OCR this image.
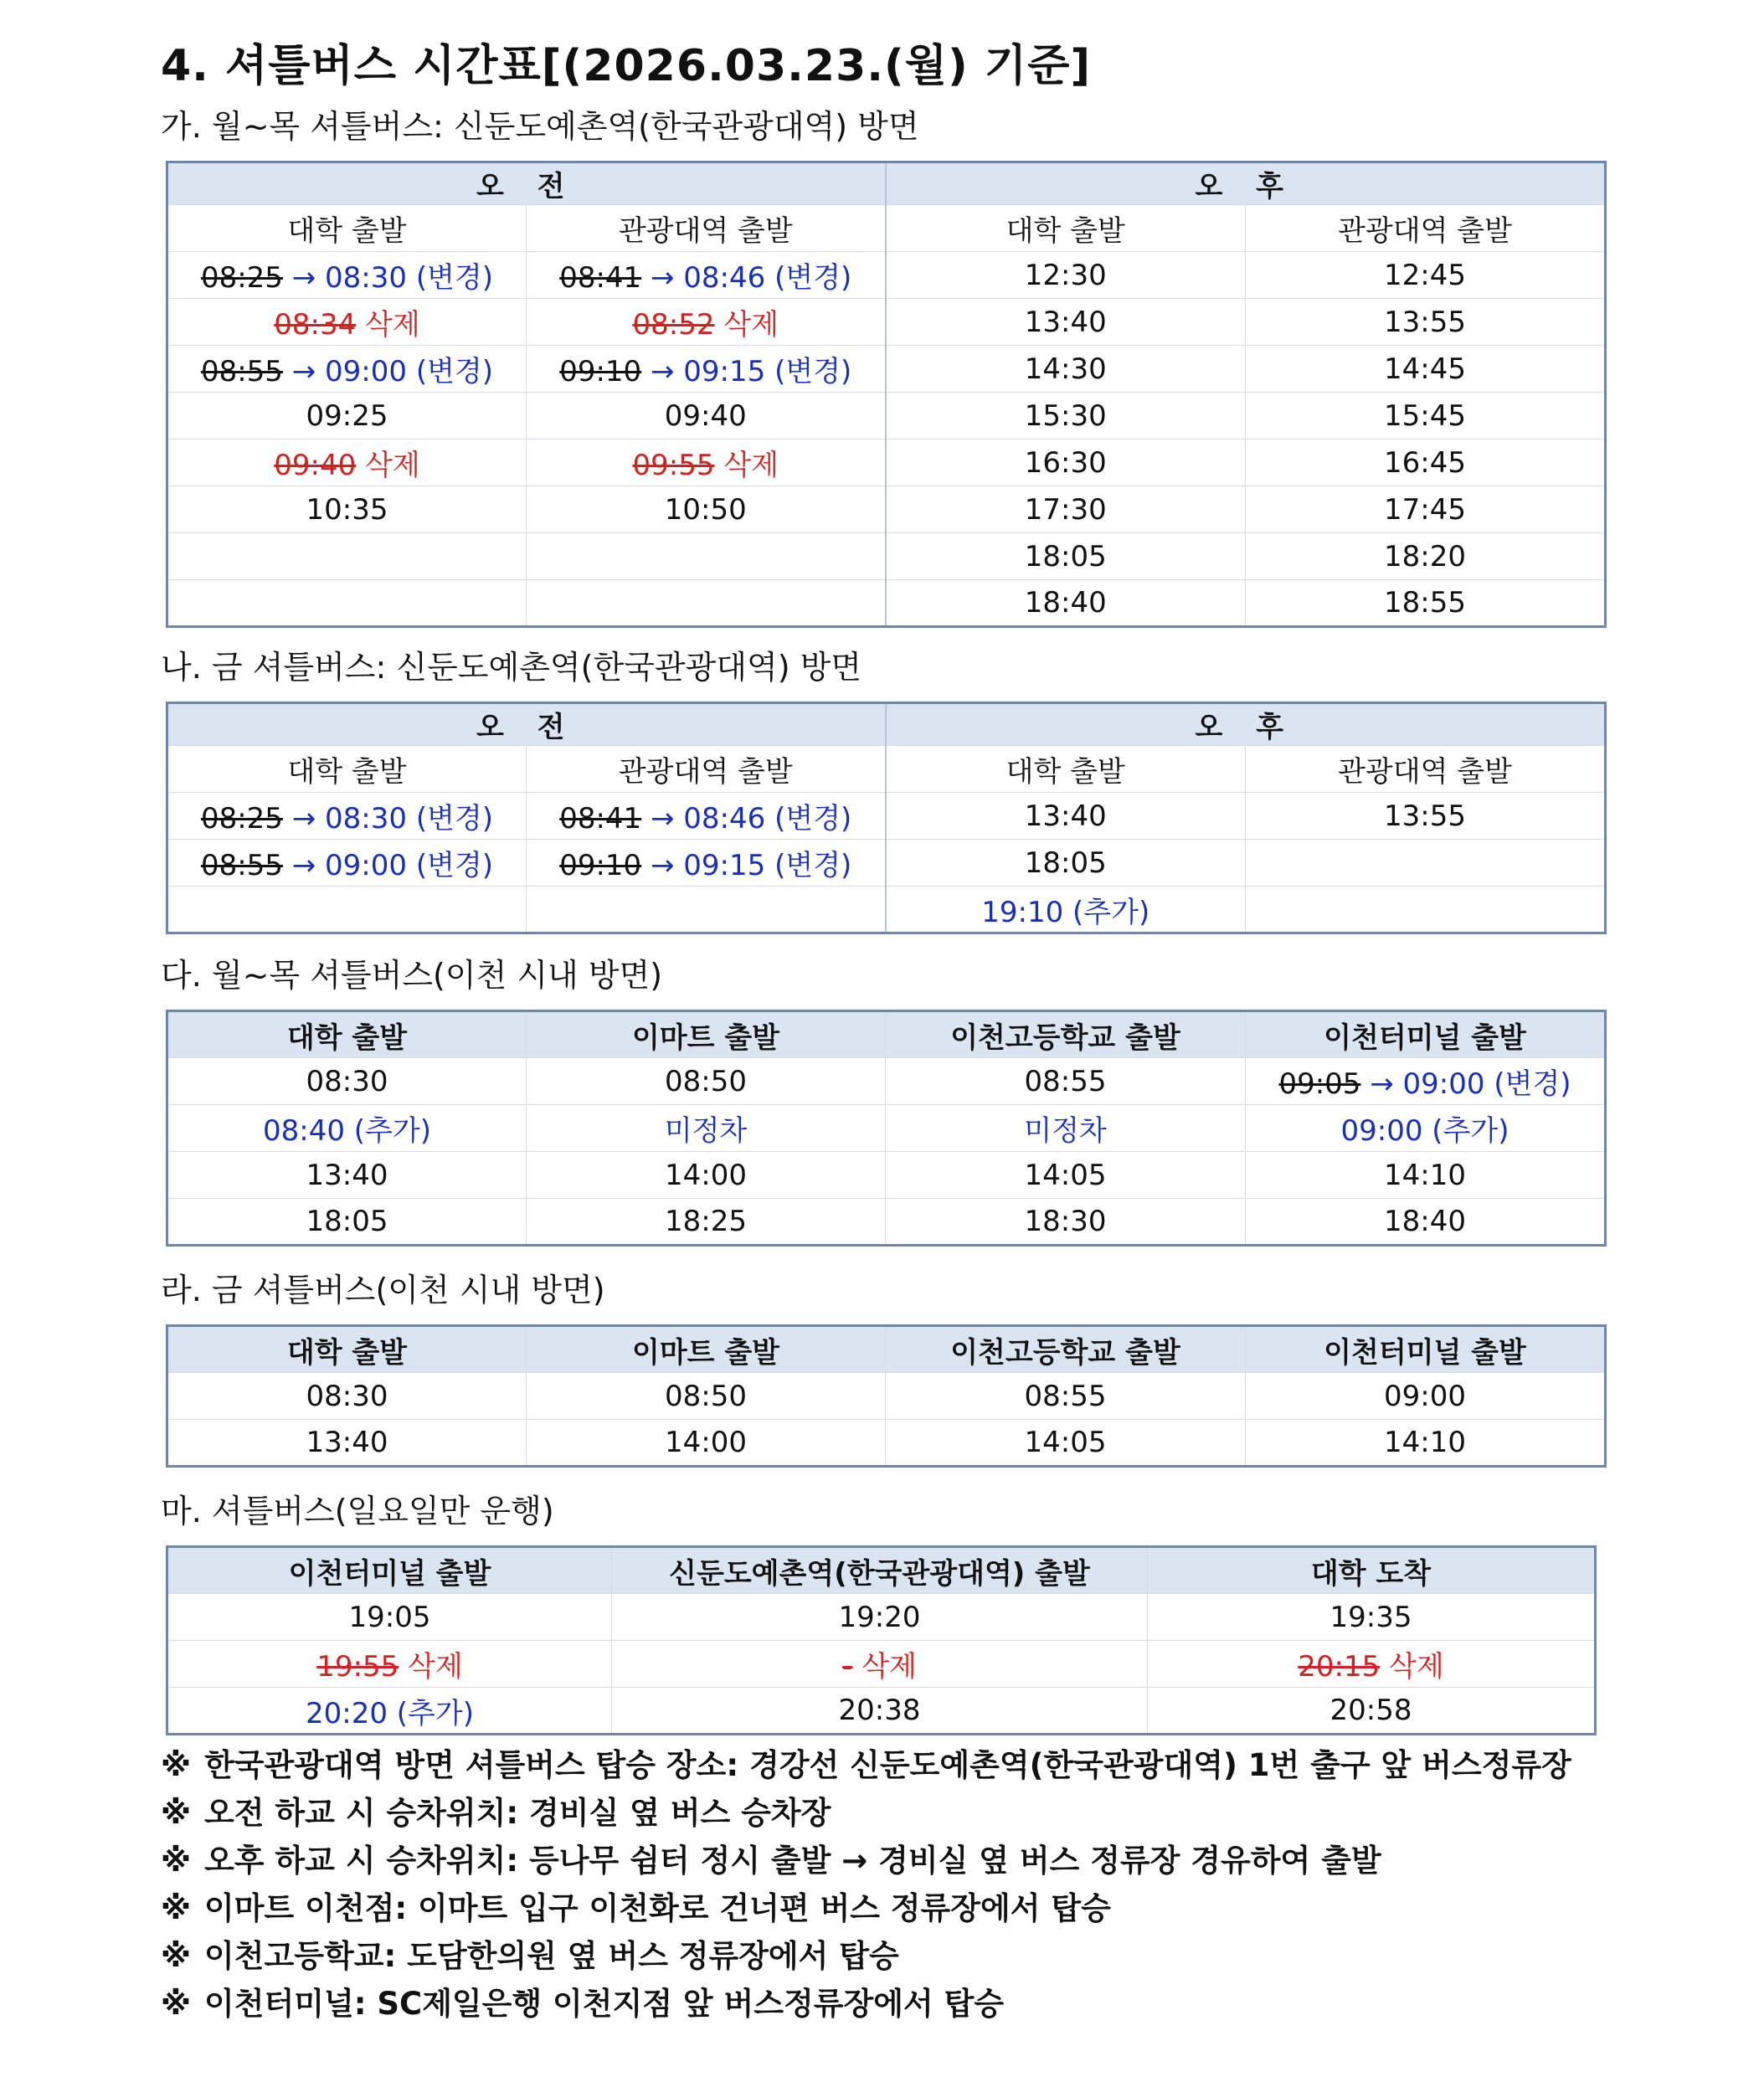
4. 셔틀버스 시간표[(2026.03.23.(월) 기준]
가. 월~목 셔틀버스: 신둔도예촌역(한국관광대역) 방면
오 전		오 후	
대학 출발	관광대역 출발	대학 출발	관광대역 출발
08:25 → 08:30 (변경)	08:41 → 08:46 (변경)	12:30	12:45
08:34 삭제	08:52 삭제	13:40	13:55
08:55 → 09:00 (변경)	09:10 → 09:15 (변경)	14:30	14:45
09:25	09:40	15:30	15:45
09:40 삭제	09:55 삭제	16:30	16:45
10:35	10:50	17:30	17:45
		18:05	18:20
		18:40	18:55
나. 금 셔틀버스: 신둔도예촌역(한국관광대역) 방면
오 전		오 후	
대학 출발	관광대역 출발	대학 출발	관광대역 출발
08:25 → 08:30 (변경)	08:41 → 08:46 (변경)	13:40	13:55
08:55 → 09:00 (변경)	09:10 → 09:15 (변경)	18:05	
		19:10 (추가)	
다. 월~목 셔틀버스(이천 시내 방면)
대학 출발	이마트 출발	이천고등학교 출발	이천터미널 출발
08:30	08:50	08:55	09:05 → 09:00 (변경)
08:40 (추가)	미정차	미정차	09:00 (추가)
13:40	14:00	14:05	14:10
18:05	18:25	18:30	18:40
라. 금 셔틀버스(이천 시내 방면)
대학 출발	이마트 출발	이천고등학교 출발	이천터미널 출발
08:30	08:50	08:55	09:00
13:40	14:00	14:05	14:10
마. 셔틀버스(일요일만 운행)
이천터미널 출발	신둔도예촌역(한국관광대역) 출발	대학 도착
19:05	19:20	19:35
19:55 삭제	- 삭제	20:15 삭제
20:20 (추가)	20:38	20:58
※ 한국관광대역 방면 셔틀버스 탑승 장소: 경강선 신둔도예촌역(한국관광대역) 1번 출구 앞 버스정류장
※ 오전 하교 시 승차위치: 경비실 옆 버스 승차장
※ 오후 하교 시 승차위치: 등나무 쉼터 정시 출발 → 경비실 옆 버스 정류장 경유하여 출발
※ 이마트 이천점: 이마트 입구 이천화로 건너편 버스 정류장에서 탑승
※ 이천고등학교: 도담한의원 옆 버스 정류장에서 탑승
※ 이천터미널: SC제일은행 이천지점 앞 버스정류장에서 탑승
